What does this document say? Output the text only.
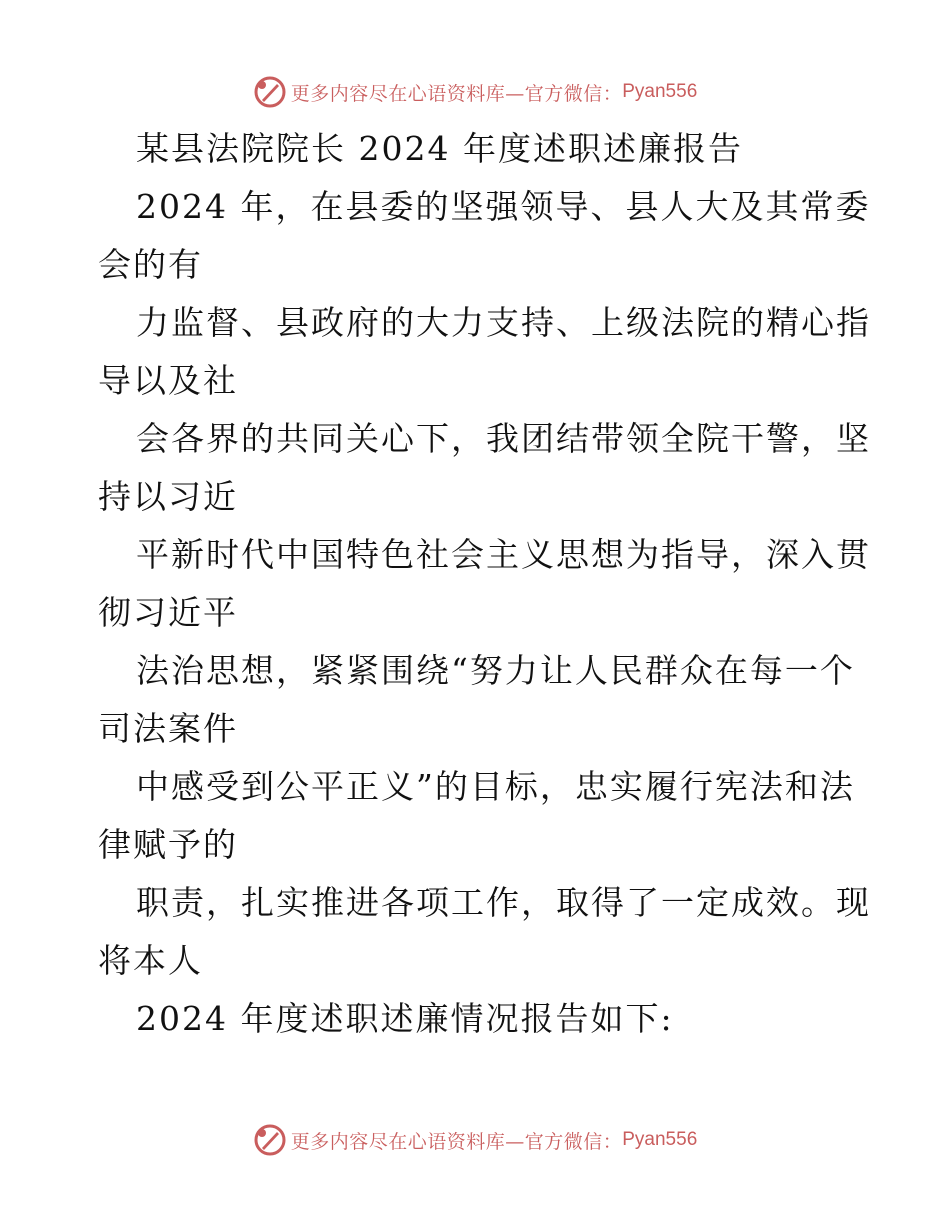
更多内容尽在心语资料库—官方微信： Pyan556
某县法院院长 2024 年度述职述廉报告
2024 年，在县委的坚强领导、县人大及其常委
会的有
力监督、县政府的大力支持、上级法院的精心指
导以及社
会各界的共同关心下，我团结带领全院干警，坚
持以习近
平新时代中国特色社会主义思想为指导，深入贯
彻习近平
法治思想，紧紧围绕“努力让人民群众在每一个
司法案件
中感受到公平正义”的目标，忠实履行宪法和法
律赋予的
职责，扎实推进各项工作，取得了一定成效。现
将本人
2024 年度述职述廉情况报告如下:
更多内容尽在心语资料库—官方微信： Pyan556
